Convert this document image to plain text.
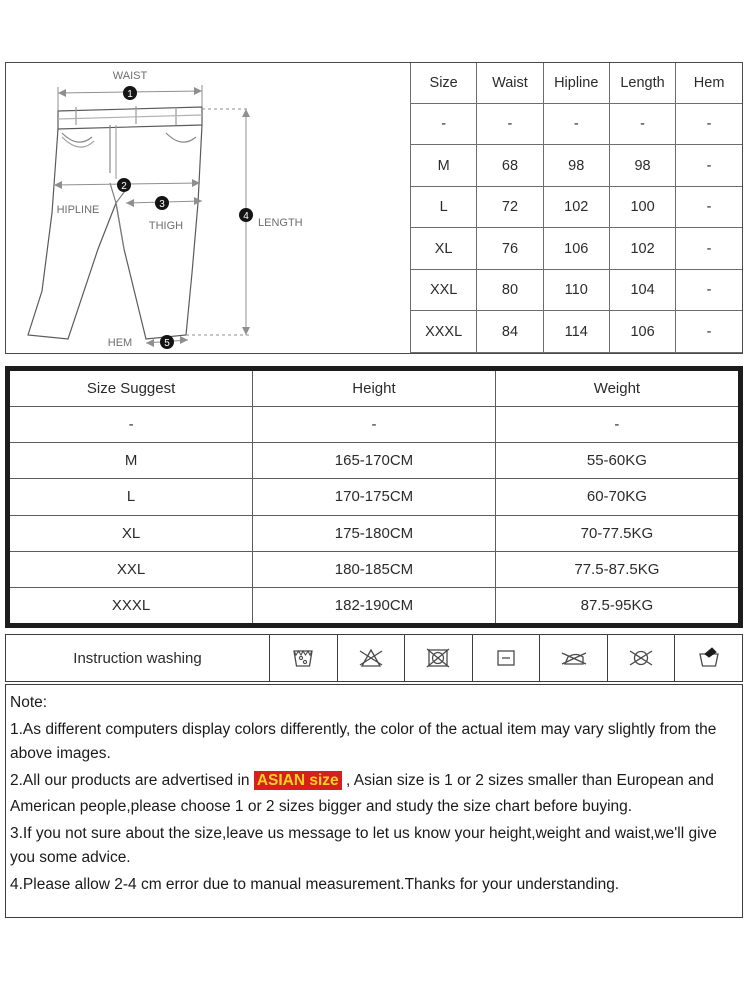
WAIST
1
HIPLINE
2
THIGH
3
LENGTH
4
HEM	5
Size	Waist	Hipline	Length	Hem
-	-	-	-	-
M	68	98	98	-
L	72	102	100	-
XL	76	106	102	-
XXL	80	110	104	-
XXXL	84	114	106	-
Size Suggest	Height	Weight
-	-	-
M	165-170CM	55-60KG
L	170-175CM	60-70KG
XL	175-180CM	70-77.5KG
XXL	180-185CM	77.5-87.5KG
XXXL	182-190CM	87.5-95KG
Instruction washing
Note:
1.As different computers display colors differently, the color of the actual item may vary slightly from the above images.
2.All our products are advertised in ASIAN size , Asian size is 1 or 2 sizes smaller than European and
American people,please choose 1 or 2 sizes bigger and study the size chart before buying.
3.If you not sure about the size,leave us message to let us know your height,weight and waist,we'll give you some advice.
4.Please allow 2-4 cm error due to manual measurement.Thanks for your understanding.
